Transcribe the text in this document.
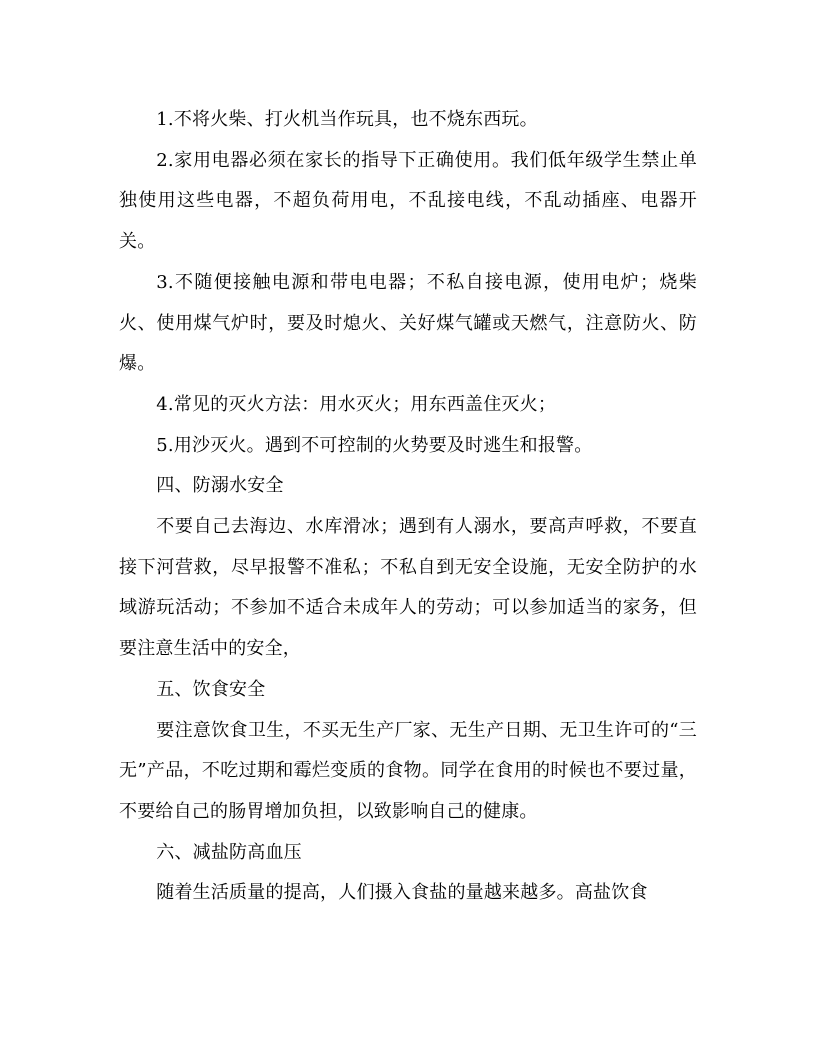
1.不将火柴、打火机当作玩具，也不烧东西玩。

2.家用电器必须在家长的指导下正确使用。我们低年级学生禁止单独使用这些电器，不超负荷用电，不乱接电线，不乱动插座、电器开关。

3.不随便接触电源和带电电器；不私自接电源，使用电炉；烧柴火、使用煤气炉时，要及时熄火、关好煤气罐或天燃气，注意防火、防爆。

4.常见的灭火方法：用水灭火；用东西盖住灭火；

5.用沙灭火。遇到不可控制的火势要及时逃生和报警。

四、防溺水安全

不要自己去海边、水库滑冰；遇到有人溺水，要高声呼救，不要直接下河营救，尽早报警不准私；不私自到无安全设施，无安全防护的水域游玩活动；不参加不适合未成年人的劳动；可以参加适当的家务，但要注意生活中的安全，

五、饮食安全

要注意饮食卫生，不买无生产厂家、无生产日期、无卫生许可的“三无”产品，不吃过期和霉烂变质的食物。同学在食用的时候也不要过量，不要给自己的肠胃增加负担，以致影响自己的健康。

六、减盐防高血压

随着生活质量的提高，人们摄入食盐的量越来越多。高盐饮食
